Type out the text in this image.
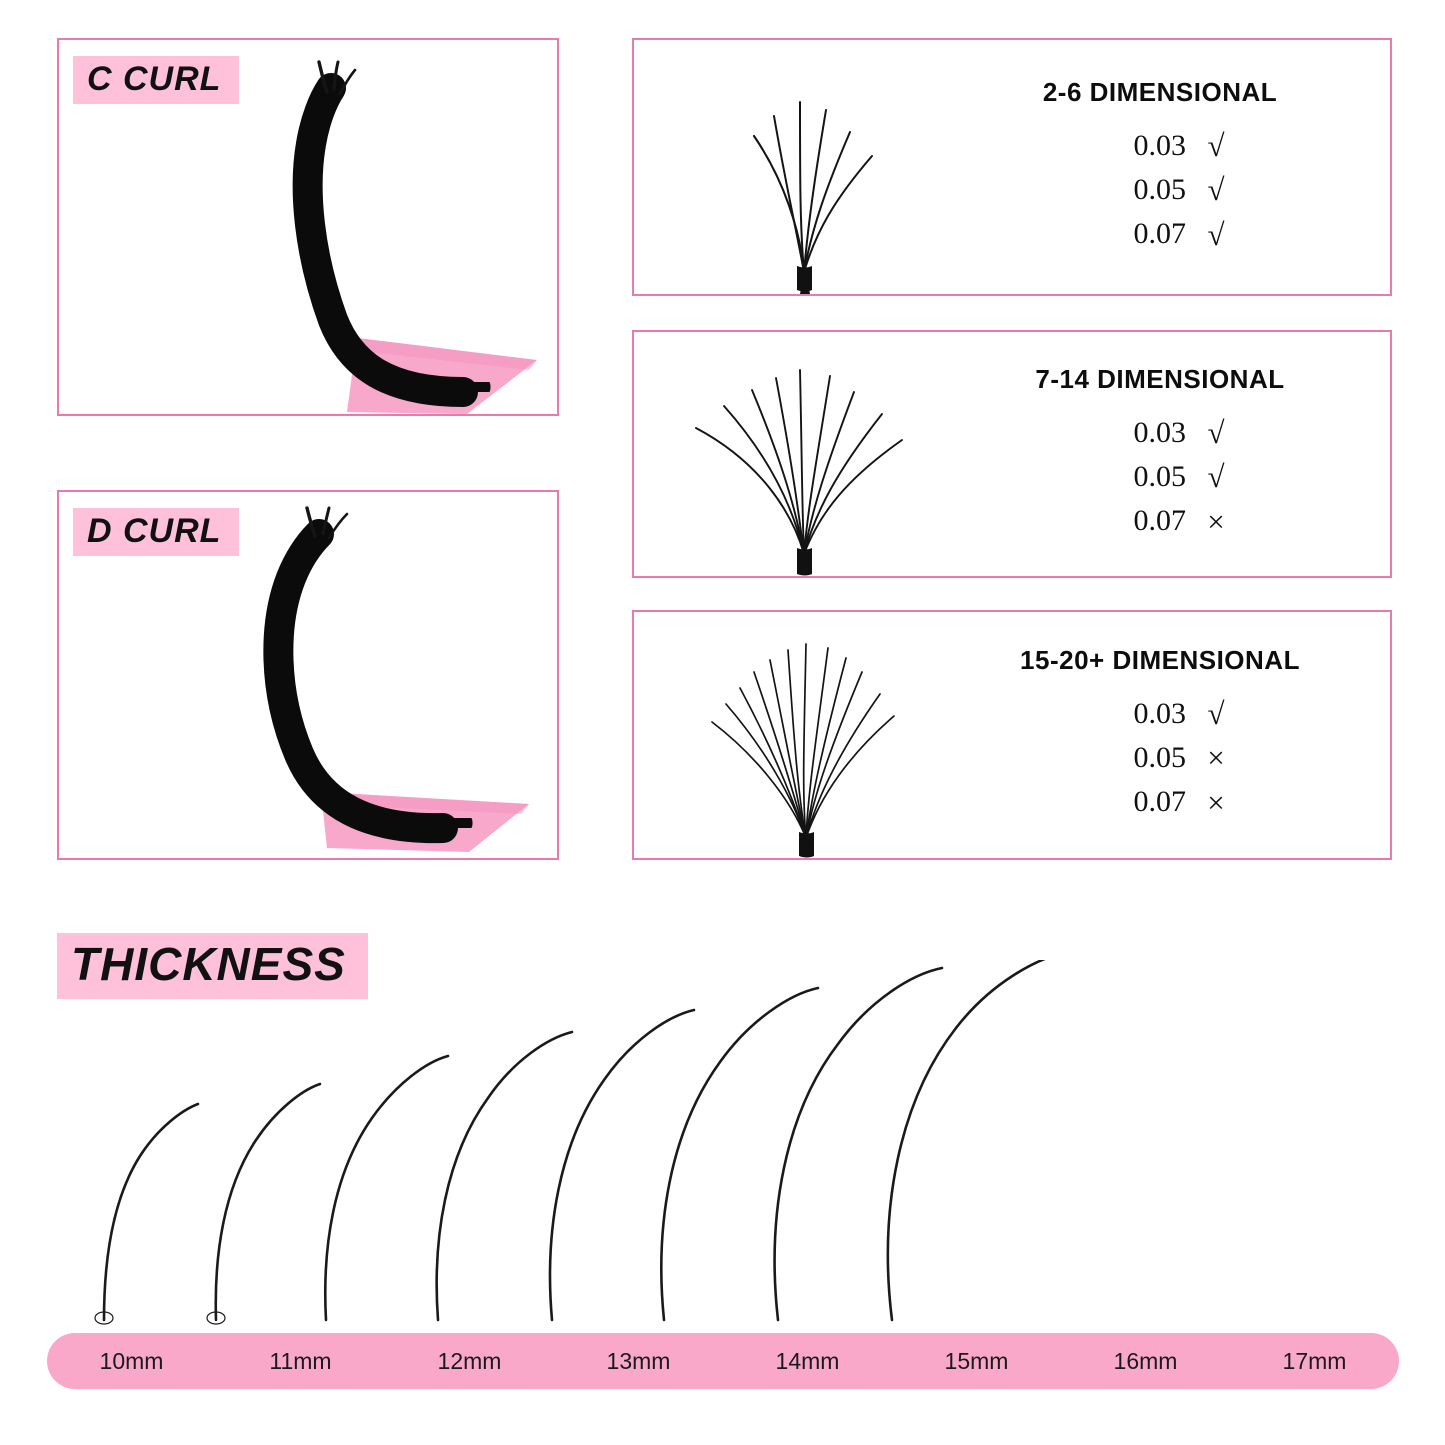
C CURL
D CURL
LASH
2-6 DIMENSIONAL
0.03 √
0.05 √
0.07 √
7-14 DIMENSIONAL
0.03 √
0.05 √
0.07 ×
15-20+ DIMENSIONAL
0.03 √
0.05 ×
0.07 ×
THICKNESS
10mm	11mm	12mm	13mm	14mm	15mm	16mm	17mm
